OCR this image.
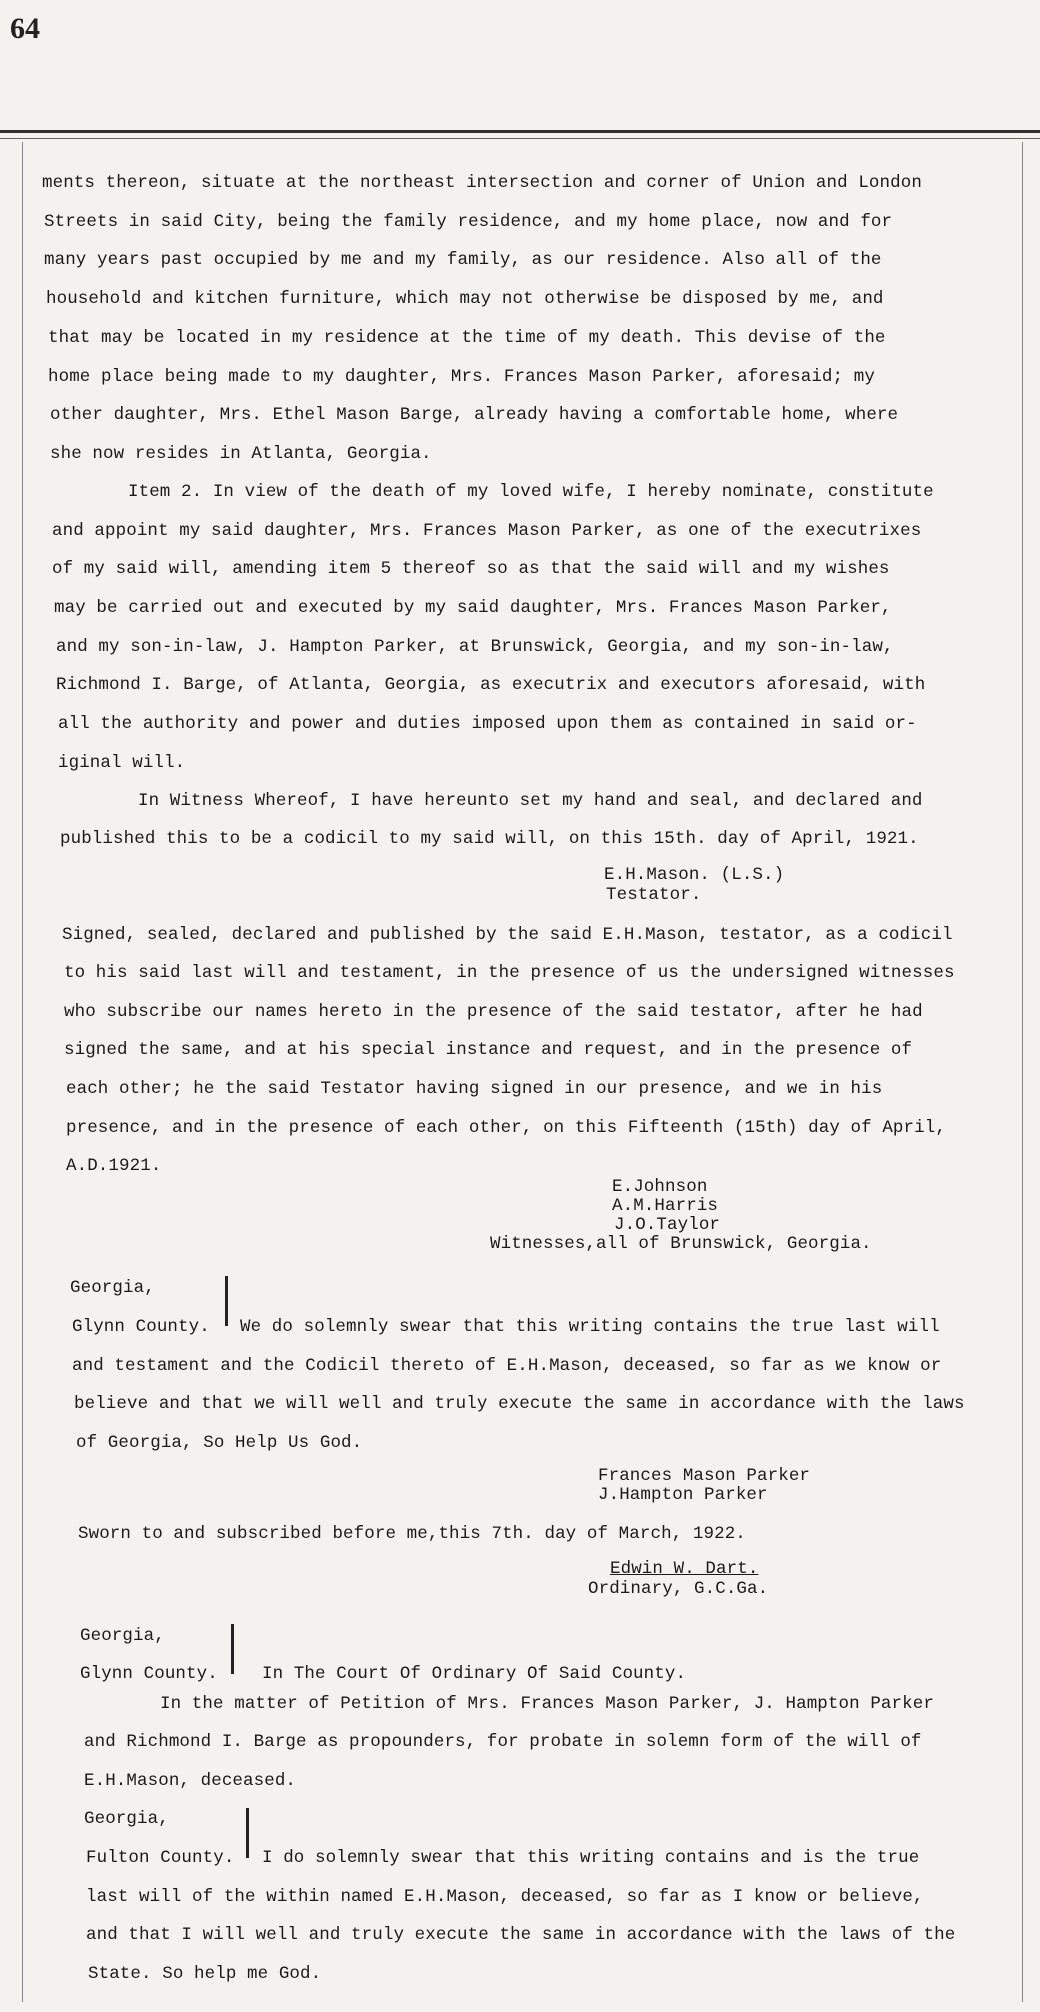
64
ments thereon, situate at the northeast intersection and corner of Union and London
Streets in said City, being the family residence, and my home place, now and for
many years past occupied by me and my family, as our residence. Also all of the
household and kitchen furniture, which may not otherwise be disposed by me, and
that may be located in my residence at the time of my death. This devise of the
home place being made to my daughter, Mrs. Frances Mason Parker, aforesaid; my
other daughter, Mrs. Ethel Mason Barge, already having a comfortable home, where
she now resides in Atlanta, Georgia.
Item 2. In view of the death of my loved wife, I hereby nominate, constitute
and appoint my said daughter, Mrs. Frances Mason Parker, as one of the executrixes
of my said will, amending item 5 thereof so as that the said will and my wishes
may be carried out and executed by my said daughter, Mrs. Frances Mason Parker,
and my son-in-law, J. Hampton Parker, at Brunswick, Georgia, and my son-in-law,
Richmond I. Barge, of Atlanta, Georgia, as executrix and executors aforesaid, with
all the authority and power and duties imposed upon them as contained in said or-
iginal will.
In Witness Whereof, I have hereunto set my hand and seal, and declared and
published this to be a codicil to my said will, on this 15th. day of April, 1921.
E.H.Mason. (L.S.)
Testator.
Signed, sealed, declared and published by the said E.H.Mason, testator, as a codicil
to his said last will and testament, in the presence of us the undersigned witnesses
who subscribe our names hereto in the presence of the said testator, after he had
signed the same, and at his special instance and request, and in the presence of
each other; he the said Testator having signed in our presence, and we in his
presence, and in the presence of each other, on this Fifteenth (15th) day of April,
A.D.1921.
E.Johnson
A.M.Harris
J.O.Taylor
Witnesses,all of Brunswick, Georgia.
Georgia,
Glynn County. We do solemnly swear that this writing contains the true last will
and testament and the Codicil thereto of E.H.Mason, deceased, so far as we know or
believe and that we will well and truly execute the same in accordance with the laws
of Georgia, So Help Us God.
Frances Mason Parker
J.Hampton Parker
Sworn to and subscribed before me,this 7th. day of March, 1922.
Edwin W. Dart.
Ordinary, G.C.Ga.
Georgia,
Glynn County.	In The Court Of Ordinary Of Said County.
In the matter of Petition of Mrs. Frances Mason Parker, J. Hampton Parker
and Richmond I. Barge as propounders, for probate in solemn form of the will of
E.H.Mason, deceased.
Georgia,
Fulton County. I do solemnly swear that this writing contains and is the true
last will of the within named E.H.Mason, deceased, so far as I know or believe,
and that I will well and truly execute the same in accordance with the laws of the
State. So help me God.
